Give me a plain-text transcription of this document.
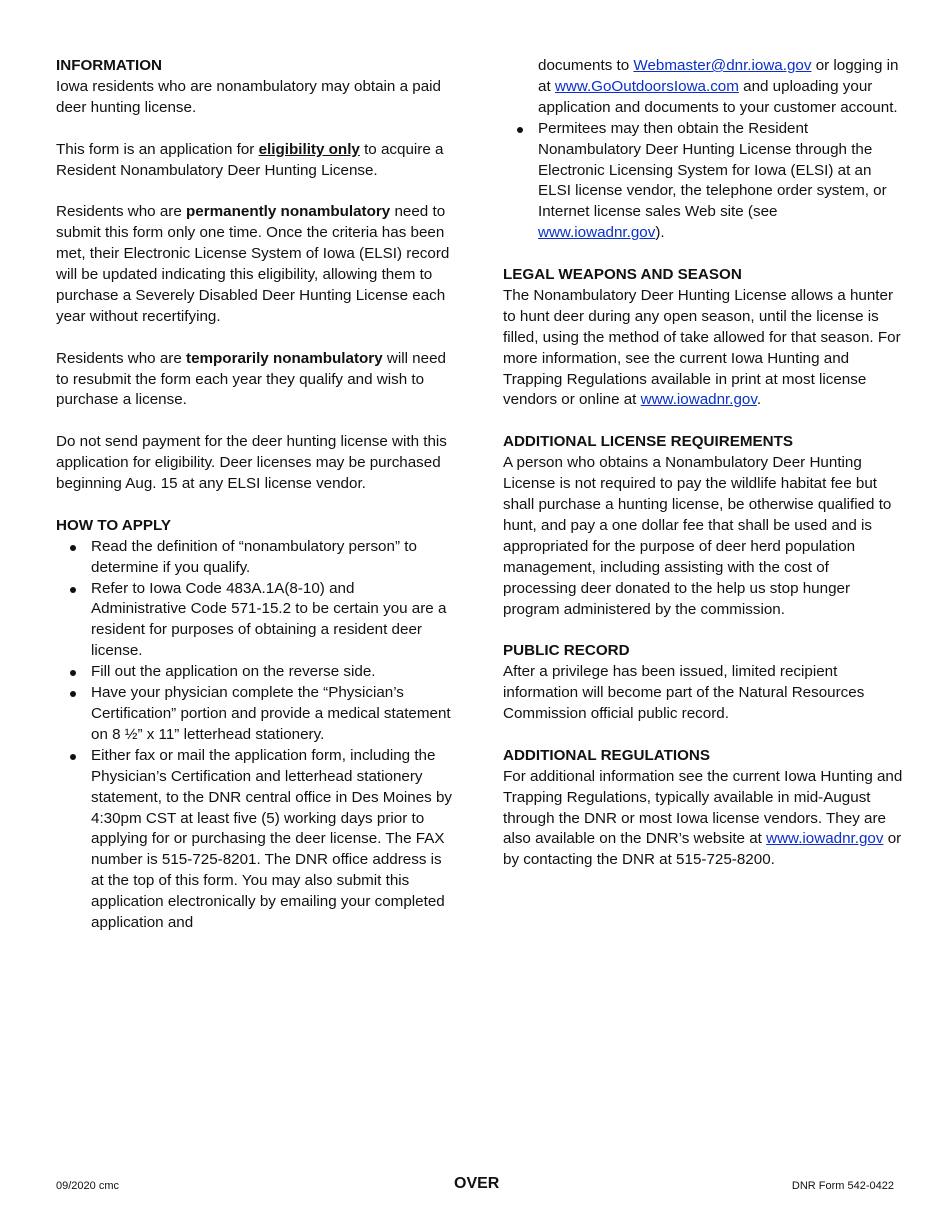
INFORMATION

Iowa residents who are nonambulatory may obtain a paid deer hunting license.

This form is an application for eligibility only to acquire a Resident Nonambulatory Deer Hunting License.

Residents who are permanently nonambulatory need to submit this form only one time. Once the criteria has been met, their Electronic License System of Iowa (ELSI) record will be updated indicating this eligibility, allowing them to purchase a Severely Disabled Deer Hunting License each year without recertifying.

Residents who are temporarily nonambulatory will need to resubmit the form each year they qualify and wish to purchase a license.

Do not send payment for the deer hunting license with this application for eligibility. Deer licenses may be purchased beginning Aug. 15 at any ELSI license vendor.

HOW TO APPLY

Read the definition of “nonambulatory person” to determine if you qualify.
Refer to Iowa Code 483A.1A(8-10) and Administrative Code 571-15.2 to be certain you are a resident for purposes of obtaining a resident deer license.
Fill out the application on the reverse side.
Have your physician complete the “Physician’s Certification” portion and provide a medical statement on 8 ½” x 11” letterhead stationery.
Either fax or mail the application form, including the Physician’s Certification and letterhead stationery statement, to the DNR central office in Des Moines by 4:30pm CST at least five (5) working days prior to applying for or purchasing the deer license. The FAX number is 515-725-8201. The DNR office address is at the top of this form. You may also submit this application electronically by emailing your completed application and
documents to Webmaster@dnr.iowa.gov or logging in at www.GoOutdoorsIowa.com and uploading your application and documents to your customer account.
Permitees may then obtain the Resident Nonambulatory Deer Hunting License through the Electronic Licensing System for Iowa (ELSI) at an ELSI license vendor, the telephone order system, or Internet license sales Web site (see www.iowadnr.gov).

LEGAL WEAPONS AND SEASON

The Nonambulatory Deer Hunting License allows a hunter to hunt deer during any open season, until the license is filled, using the method of take allowed for that season. For more information, see the current Iowa Hunting and Trapping Regulations available in print at most license vendors or online at www.iowadnr.gov.

ADDITIONAL LICENSE REQUIREMENTS

A person who obtains a Nonambulatory Deer Hunting License is not required to pay the wildlife habitat fee but shall purchase a hunting license, be otherwise qualified to hunt, and pay a one dollar fee that shall be used and is appropriated for the purpose of deer herd population management, including assisting with the cost of processing deer donated to the help us stop hunger program administered by the commission.

PUBLIC RECORD

After a privilege has been issued, limited recipient information will become part of the Natural Resources Commission official public record.

ADDITIONAL REGULATIONS

For additional information see the current Iowa Hunting and Trapping Regulations, typically available in mid-August through the DNR or most Iowa license vendors. They are also available on the DNR’s website at www.iowadnr.gov or by contacting the DNR at 515-725-8200.

09/2020 cmc	OVER	DNR Form 542-0422
